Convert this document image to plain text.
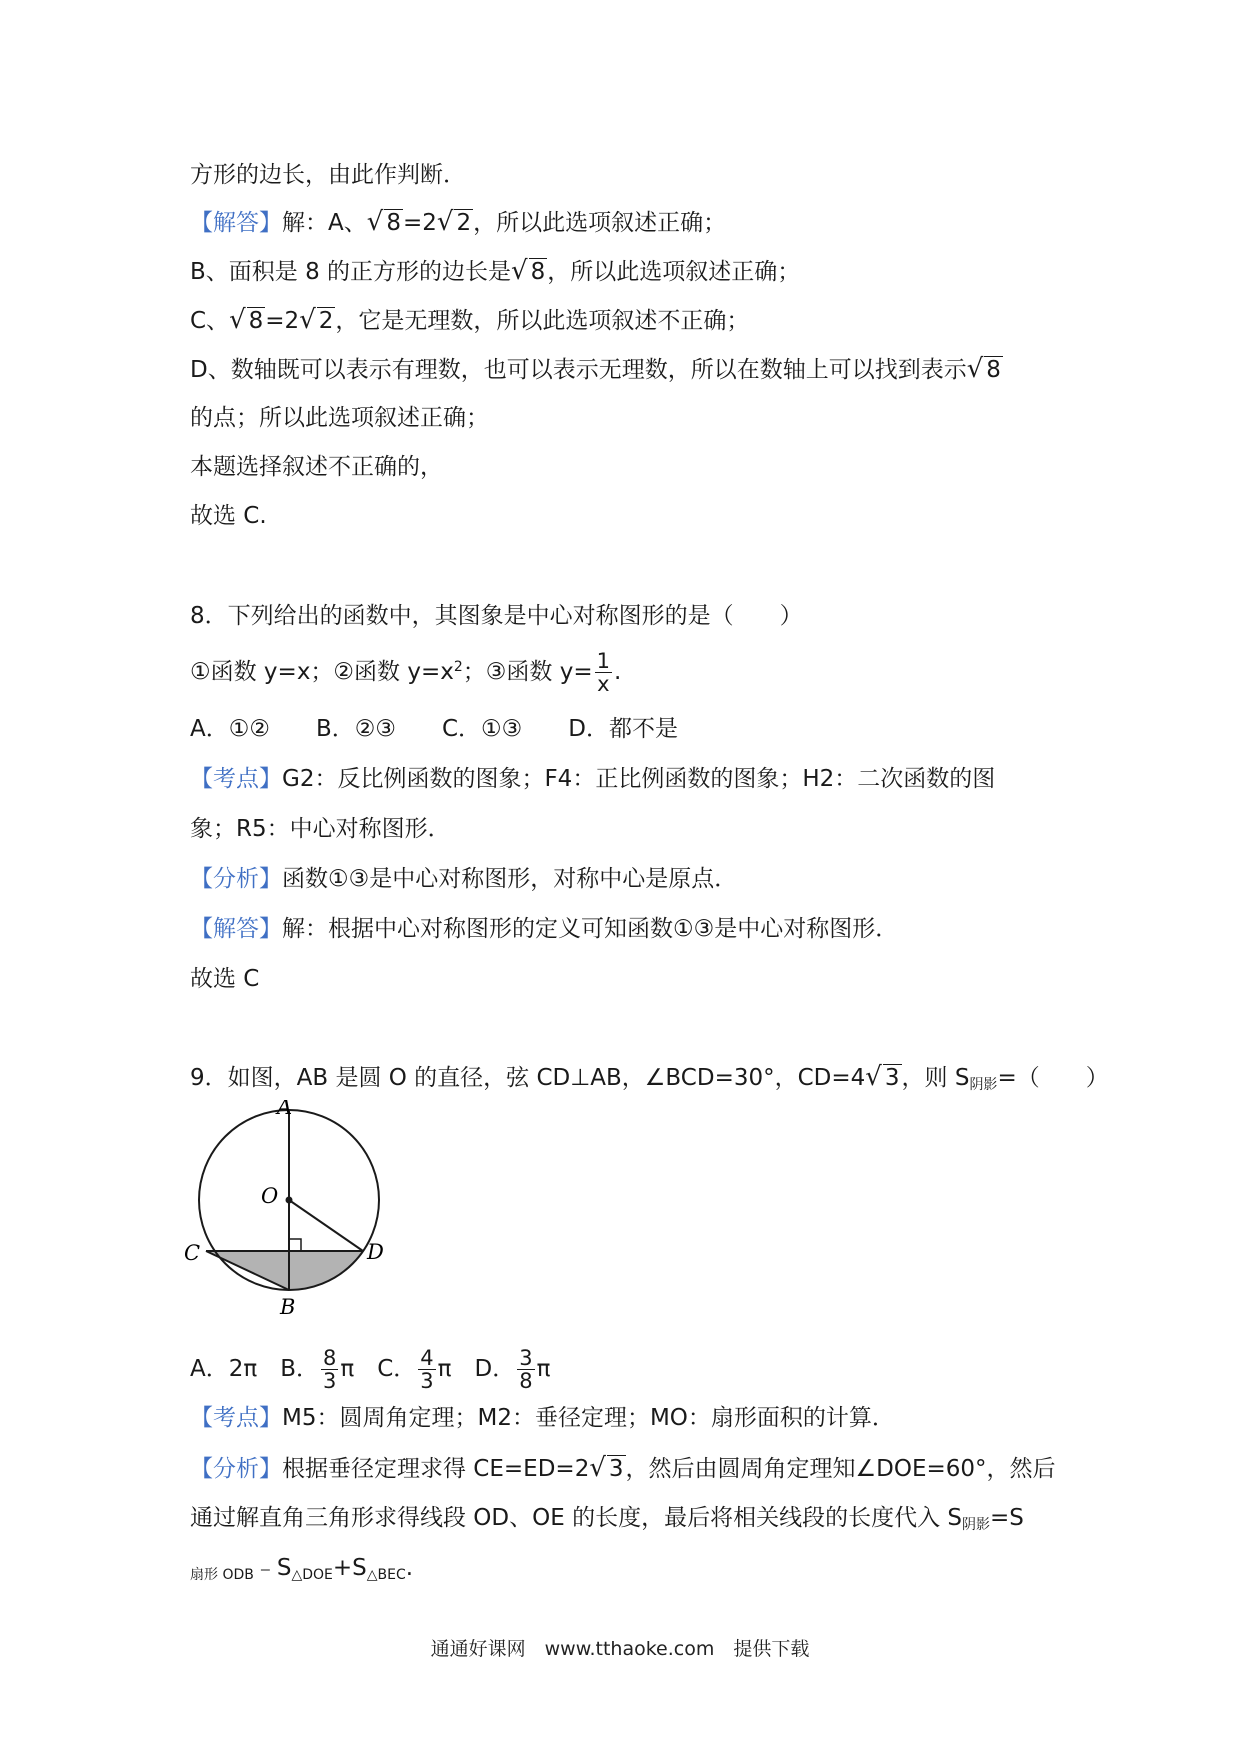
方形的边长，由此作判断．
【解答】解：A、√ 8=2√ 2，所以此选项叙述正确；
B、面积是 8 的正方形的边长是√ 8，所以此选项叙述正确；
C、√ 8=2√ 2，它是无理数，所以此选项叙述不正确；
D、数轴既可以表示有理数，也可以表示无理数，所以在数轴上可以找到表示√ 8
的点；所以此选项叙述正确；
本题选择叙述不正确的，
故选 C.
8．下列给出的函数中，其图象是中心对称图形的是（　　）
①函数 y=x；②函数 $y=x^2$；③函数 $y= \frac{1}{x}$ .
A．①②　　B．②③　　C．①③　　D．都不是
【考点】G2：反比例函数的图象；F4：正比例函数的图象；H2：二次函数的图
象；R5：中心对称图形．
【分析】函数①③是中心对称图形，对称中心是原点．
【解答】解：根据中心对称图形的定义可知函数①③是中心对称图形．
故选 C
9．如图，AB 是圆 O 的直径，弦 CD⊥AB，∠BCD=30°，CD=4√ 3，则 $S_{阴影}=$（　　）
A
O
C	D
B
A．2π　B． $\frac{8}{3}$ π　C． $\frac{4}{3}$ π　D． $\frac{3}{8}$ π
【考点】M5：圆周角定理；M2：垂径定理；MO：扇形面积的计算．
【分析】根据垂径定理求得 CE=ED=2√ 3，然后由圆周角定理知∠DOE=60°，然后
通过解直角三角形求得线段 OD、OE 的长度，最后将相关线段的长度代入 $S_{阴影}=S$
$_{扇形 ODB}﹣S_{\triangle DOE}+S_{\triangle BEC}$.
通通好课网　www.tthaoke.com　提供下载
